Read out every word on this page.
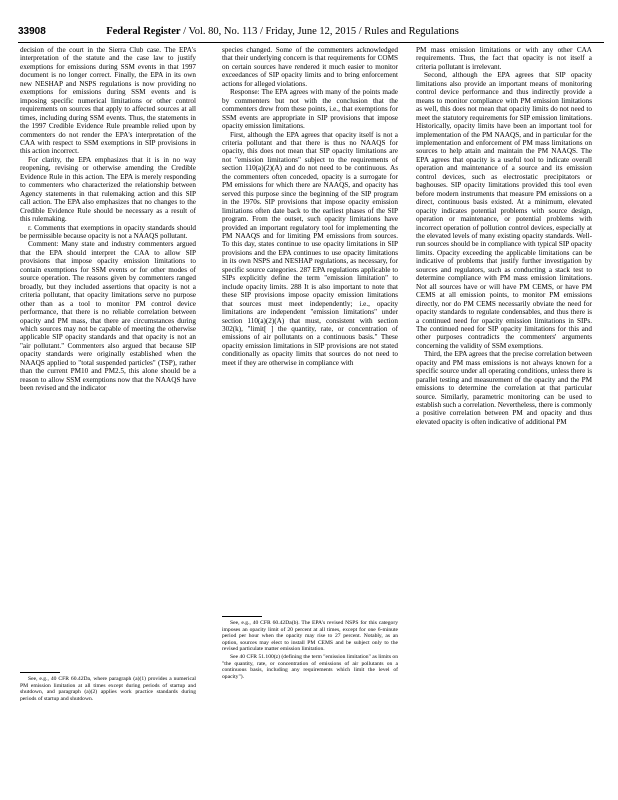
33908	Federal Register / Vol. 80, No. 113 / Friday, June 12, 2015 / Rules and Regulations

decision of the court in the Sierra Club case. The EPA's interpretation of the statute and the case law to justify exemptions for emissions during SSM events in that 1997 document is no longer correct. Finally, the EPA in its own new NESHAP and NSPS regulations is now providing no exemptions for emissions during SSM events and is imposing specific numerical limitations or other control requirements on sources that apply to affected sources at all times, including during SSM events. Thus, the statements in the 1997 Credible Evidence Rule preamble relied upon by commenters do not render the EPA's interpretation of the CAA with respect to SSM exemptions in SIP provisions in this action incorrect.

For clarity, the EPA emphasizes that it is in no way reopening, revising or otherwise amending the Credible Evidence Rule in this action. The EPA is merely responding to commenters who characterized the relationship between Agency statements in that rulemaking action and this SIP call action. The EPA also emphasizes that no changes to the Credible Evidence Rule should be necessary as a result of this rulemaking.

r. Comments that exemptions in opacity standards should be permissible because opacity is not a NAAQS pollutant.

Comment: Many state and industry commenters argued that the EPA should interpret the CAA to allow SIP provisions that impose opacity emission limitations to contain exemptions for SSM events or for other modes of source operation. The reasons given by commenters ranged broadly, but they included assertions that opacity is not a criteria pollutant, that opacity limitations serve no purpose other than as a tool to monitor PM control device performance, that there is no reliable correlation between opacity and PM mass, that there are circumstances during which sources may not be capable of meeting the otherwise applicable SIP opacity standards and that opacity is not an "air pollutant." Commenters also argued that because SIP opacity standards were originally established when the NAAQS applied to "total suspended particles" (TSP), rather than the current PM10 and PM2.5, this alone should be a reason to allow SSM exemptions now that the NAAQS have been revised and the indicator

species changed. Some of the commenters acknowledged that their underlying concern is that requirements for COMS on certain sources have rendered it much easier to monitor exceedances of SIP opacity limits and to bring enforcement actions for alleged violations.

Response: The EPA agrees with many of the points made by commenters but not with the conclusion that the commenters drew from these points, i.e., that exemptions for SSM events are appropriate in SIP provisions that impose opacity emission limitations.

First, although the EPA agrees that opacity itself is not a criteria pollutant and that there is thus no NAAQS for opacity, this does not mean that SIP opacity limitations are not "emission limitations" subject to the requirements of section 110(a)(2)(A) and do not need to be continuous. As the commenters often conceded, opacity is a surrogate for PM emissions for which there are NAAQS, and opacity has served this purpose since the beginning of the SIP program in the 1970s. SIP provisions that impose opacity emission limitations often date back to the earliest phases of the SIP program. From the outset, such opacity limitations have provided an important regulatory tool for implementing the PM NAAQS and for limiting PM emissions from sources. To this day, states continue to use opacity limitations in SIP provisions and the EPA continues to use opacity limitations in its own NSPS and NESHAP regulations, as necessary, for specific source categories. 287 EPA regulations applicable to SIPs explicitly define the term "emission limitation" to include opacity limits. 288 It is also important to note that these SIP provisions impose opacity emission limitations that sources must meet independently; i.e., opacity limitations are independent "emission limitations" under section 110(a)(2)(A) that must, consistent with section 302(k), "limit[ ] the quantity, rate, or concentration of emissions of air pollutants on a continuous basis." These opacity emission limitations in SIP provisions are not stated conditionally as opacity limits that sources do not need to meet if they are otherwise in compliance with

PM mass emission limitations or with any other CAA requirements. Thus, the fact that opacity is not itself a criteria pollutant is irrelevant.

Second, although the EPA agrees that SIP opacity limitations also provide an important means of monitoring control device performance and thus indirectly provide a means to monitor compliance with PM emission limitations as well, this does not mean that opacity limits do not need to meet the statutory requirements for SIP emission limitations. Historically, opacity limits have been an important tool for implementation of the PM NAAQS, and in particular for the implementation and enforcement of PM mass limitations on sources to help attain and maintain the PM NAAQS. The EPA agrees that opacity is a useful tool to indicate overall operation and maintenance of a source and its emission control devices, such as electrostatic precipitators or baghouses. SIP opacity limitations provided this tool even before modern instruments that measure PM emissions on a direct, continuous basis existed. At a minimum, elevated opacity indicates potential problems with source design, operation or maintenance, or potential problems with incorrect operation of pollution control devices, especially at the elevated levels of many existing opacity standards. Well-run sources should be in compliance with typical SIP opacity limits. Opacity exceeding the applicable limitations can be indicative of problems that justify further investigation by sources and regulators, such as conducting a stack test to determine compliance with PM mass emission limitations. Not all sources have or will have PM CEMS, or have PM CEMS at all emission points, to monitor PM emissions directly, nor do PM CEMS necessarily obviate the need for opacity standards to regulate condensables, and thus there is a continued need for opacity emission limitations in SIPs. The continued need for SIP opacity limitations for this and other purposes contradicts the commenters' arguments concerning the validity of SSM exemptions.

Third, the EPA agrees that the precise correlation between opacity and PM mass emissions is not always known for a specific source under all operating conditions, unless there is parallel testing and measurement of the opacity and the PM emissions to determine the correlation at that particular source. Similarly, parametric monitoring can be used to establish such a correlation. Nevertheless, there is commonly a positive correlation between PM and opacity and thus elevated opacity is often indicative of additional PM

See, e.g., 40 CFR 60.42Da, where paragraph (a)(1) provides a numerical PM emission limitation at all times except during periods of startup and shutdown, and paragraph (a)(2) applies work practice standards during periods of startup and shutdown.

See, e.g., 40 CFR 60.42Da(b). The EPA's revised NSPS for this category imposes an opacity limit of 20 percent at all times, except for one 6-minute period per hour when the opacity may rise to 27 percent. Notably, as an option, sources may elect to install PM CEMS and be subject only to the revised particulate matter emission limitation.

See 40 CFR 51.100(z) (defining the term "emission limitation" as limits on "the quantity, rate, or concentration of emissions of air pollutants on a continuous basis, including any requirements which limit the level of opacity").
